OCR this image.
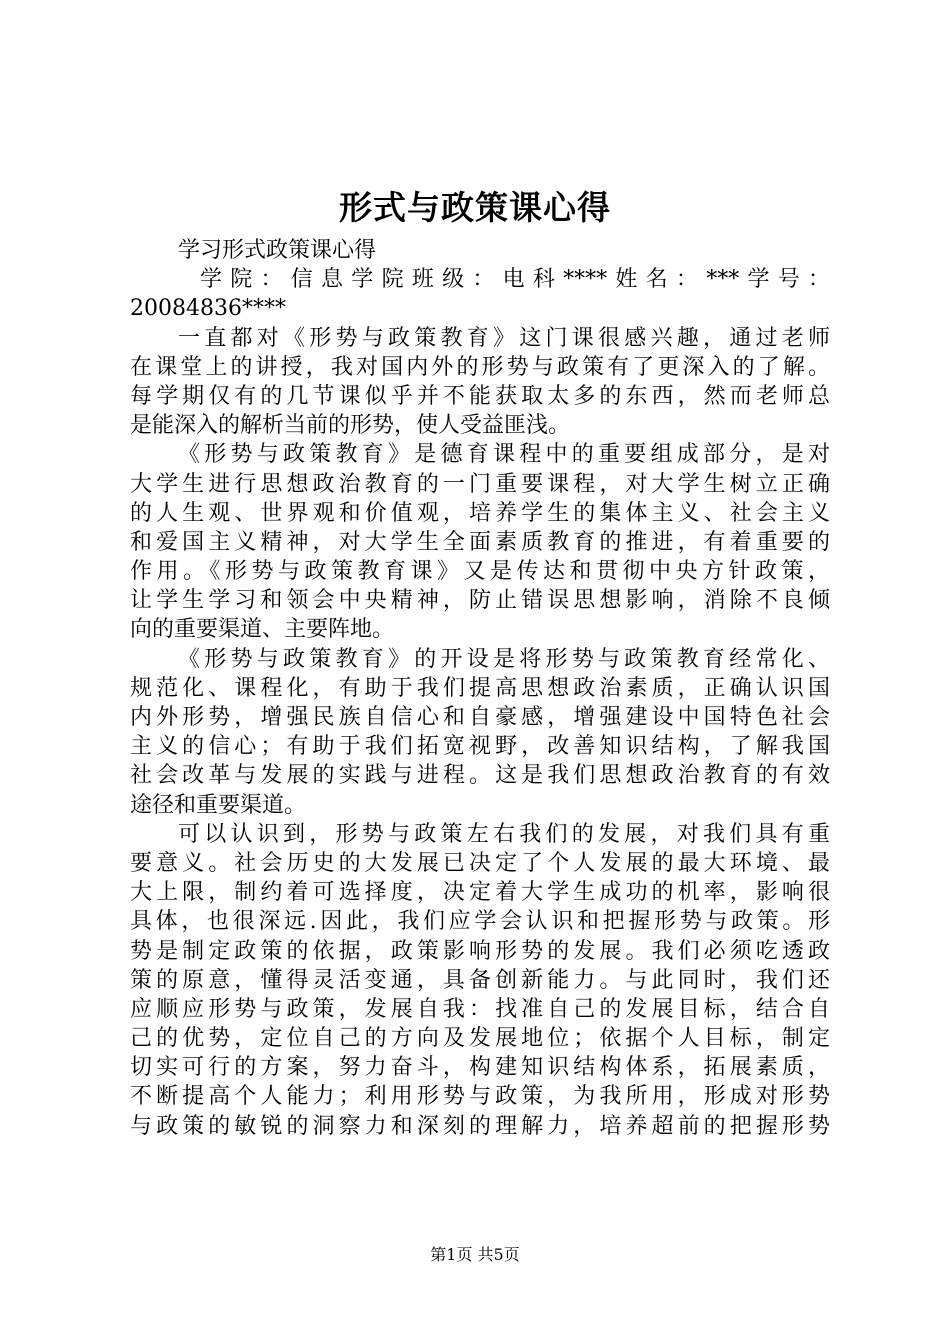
形式与政策课心得
学习形式政策课心得
学院：信息学院班级：电科****姓名：***学号：
20084836****
一直都对《形势与政策教育》这门课很感兴趣，通过老师
在课堂上的讲授，我对国内外的形势与政策有了更深入的了解。
每学期仅有的几节课似乎并不能获取太多的东西，然而老师总
是能深入的解析当前的形势，使人受益匪浅。
《形势与政策教育》是德育课程中的重要组成部分，是对
大学生进行思想政治教育的一门重要课程，对大学生树立正确
的人生观、世界观和价值观，培养学生的集体主义、社会主义
和爱国主义精神，对大学生全面素质教育的推进，有着重要的
作用。《形势与政策教育课》又是传达和贯彻中央方针政策，
让学生学习和领会中央精神，防止错误思想影响，消除不良倾
向的重要渠道、主要阵地。
《形势与政策教育》的开设是将形势与政策教育经常化、
规范化、课程化，有助于我们提高思想政治素质，正确认识国
内外形势，增强民族自信心和自豪感，增强建设中国特色社会
主义的信心；有助于我们拓宽视野，改善知识结构，了解我国
社会改革与发展的实践与进程。这是我们思想政治教育的有效
途径和重要渠道。
可以认识到，形势与政策左右我们的发展，对我们具有重
要意义。社会历史的大发展已决定了个人发展的最大环境、最
大上限，制约着可选择度，决定着大学生成功的机率，影响很
具体，也很深远.因此，我们应学会认识和把握形势与政策。形
势是制定政策的依据，政策影响形势的发展。我们必须吃透政
策的原意，懂得灵活变通，具备创新能力。与此同时，我们还
应顺应形势与政策，发展自我：找准自己的发展目标，结合自
己的优势，定位自己的方向及发展地位；依据个人目标，制定
切实可行的方案，努力奋斗，构建知识结构体系，拓展素质，
不断提高个人能力；利用形势与政策，为我所用，形成对形势
与政策的敏锐的洞察力和深刻的理解力，培养超前的把握形势
第1页 共5页
